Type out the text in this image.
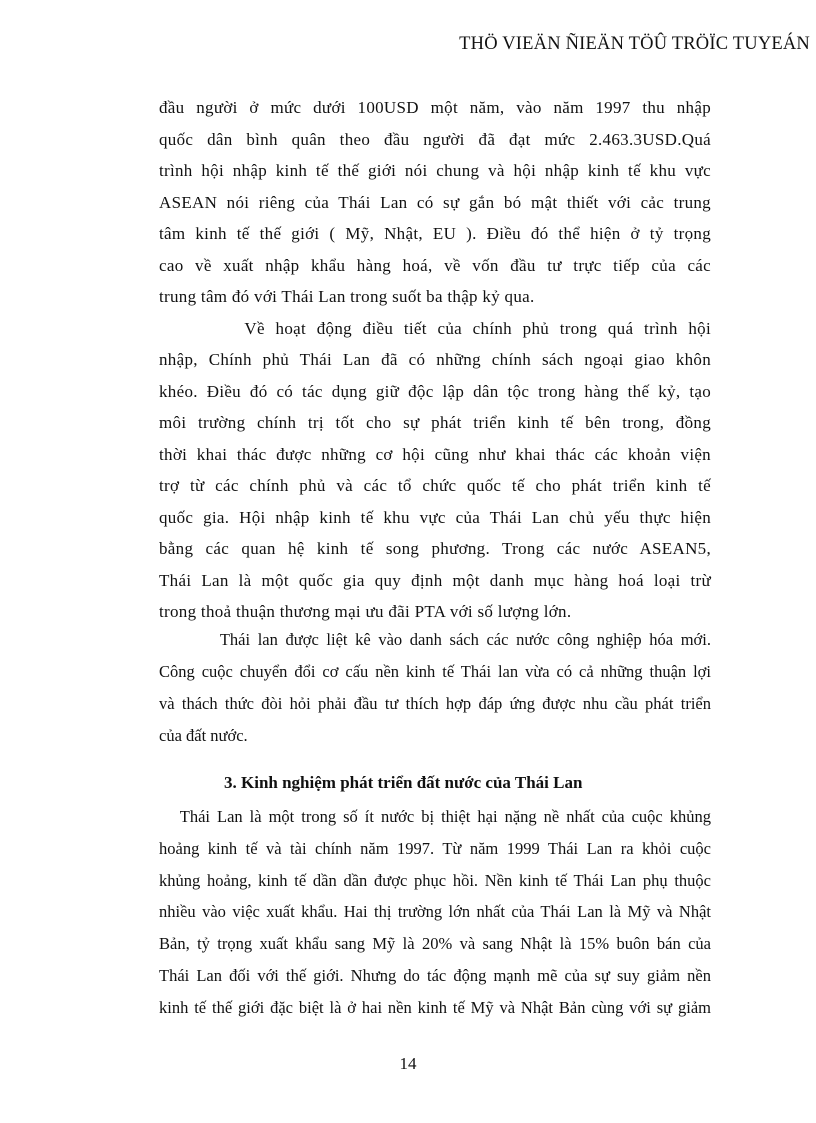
THÖ VIEÄN ÑIEÄN TÖÛ TRÖÏC TUYEÁN
đầu người ở mức dưới 100USD một năm, vào năm 1997 thu nhập
quốc dân bình quân theo đầu người đã đạt mức 2.463.3USD.Quá
trình hội nhập kinh tế thế giới nói chung và hội nhập kinh tế khu vực
ASEAN nói riêng của Thái Lan có sự gắn bó mật thiết với cảc trung
tâm kinh tế thế giới ( Mỹ, Nhật, EU ). Điều đó thể hiện ở tỷ trọng
cao về xuất nhập khẩu hàng hoá, về vốn đầu tư trực tiếp của các
trung tâm đó với Thái Lan trong suốt ba thập kỷ qua.
Về hoạt động điều tiết của chính phủ trong quá trình hội
nhập, Chính phủ Thái Lan đã có những chính sách ngoại giao khôn
khéo. Điều đó có tác dụng giữ độc lập dân tộc trong hàng thế kỷ, tạo
môi trường chính trị tốt cho sự phát triển kinh tế bên trong, đồng
thời khai thác được những cơ hội cũng như khai thác các khoản viện
trợ từ các chính phủ và các tổ chức quốc tế cho phát triển kinh tế
quốc gia. Hội nhập kinh tế khu vực của Thái Lan chủ yếu thực hiện
bằng các quan hệ kinh tế song phương. Trong các nước ASEAN5,
Thái Lan là một quốc gia quy định một danh mục hàng hoá loại trừ
trong thoả thuận thương mại ưu đãi PTA với số lượng lớn.
Thái lan được liệt kê vào danh sách các nước công nghiệp hóa mới.
Công cuộc chuyển đổi cơ cấu nền kinh tế Thái lan vừa có cả những thuận lợi
và thách thức đòi hỏi phải đầu tư thích hợp đáp ứng được nhu cầu phát triển
của đất nước.
3. Kinh nghiệm phát triển đất nước của Thái Lan
Thái Lan là một trong số ít nước bị thiệt hại nặng nề nhất của cuộc khủng
hoảng kinh tế và tài chính năm 1997. Từ năm 1999 Thái Lan ra khỏi cuộc
khủng hoảng, kinh tế dần dần được phục hồi. Nền kinh tế Thái Lan phụ thuộc
nhiều vào việc xuất khẩu. Hai thị trường lớn nhất của Thái Lan là Mỹ và Nhật
Bản, tỷ trọng xuất khẩu sang Mỹ là 20% và sang Nhật là 15% buôn bán của
Thái Lan đối với thế giới. Nhưng do tác động mạnh mẽ của sự suy giảm nền
kinh tế thế giới đặc biệt là ở hai nền kinh tế Mỹ và Nhật Bản cùng với sự giảm
14
